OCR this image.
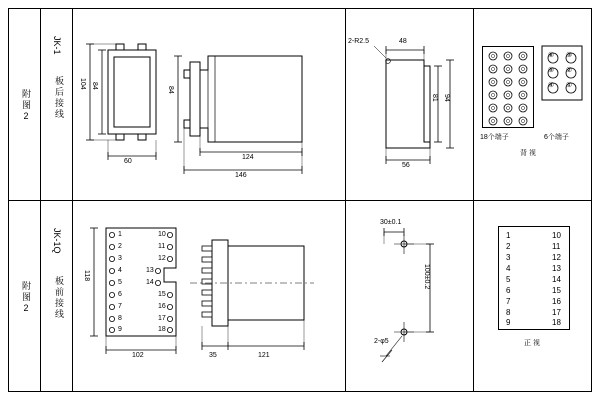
附图2
JK-1
板后接线 104 84
84
60
124
146
2-R2.5	48
81 94
56
⑥
⑤
④
③
②
①
18个端子	6个端子
背 视
附图2
JK-1Q
板前接线
118
102	35	121
1
2
3
4
5
6
7
8
9
10
11
12
13
14
15
16
17
18
30±0.1
100±0.2
2-φ5
1
2
3
4
5
6
7
8
9
10
11
12
13
14
15
16
17
18
正 视
